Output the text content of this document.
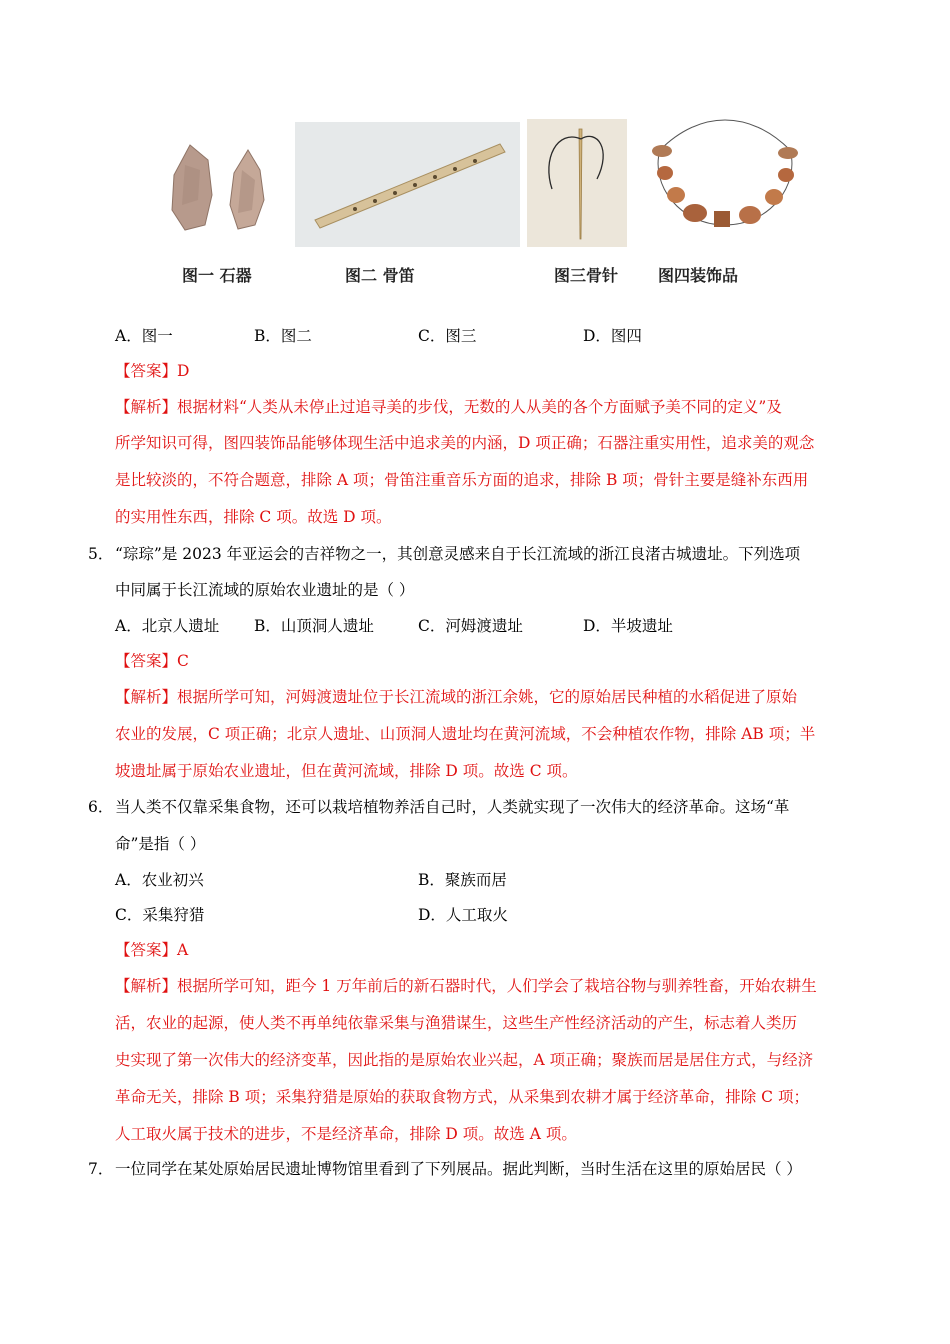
图一 石器	图二 骨笛	图三骨针 图四装饰品
A．图一	B．图二	C．图三	D．图四
【答案】D
【解析】根据材料“人类从未停止过追寻美的步伐，无数的人从美的各个方面赋予美不同的定义”及
所学知识可得，图四装饰品能够体现生活中追求美的内涵，D 项正确；石器注重实用性，追求美的观念
是比较淡的，不符合题意，排除 A 项；骨笛注重音乐方面的追求，排除 B 项；骨针主要是缝补东西用
的实用性东西，排除 C 项。故选 D 项。
5． “琮琮”是 2023 年亚运会的吉祥物之一，其创意灵感来自于长江流域的浙江良渚古城遗址。下列选项
中同属于长江流域的原始农业遗址的是（ ）
A．北京人遗址 B．山顶洞人遗址	C．河姆渡遗址	D．半坡遗址
【答案】C
【解析】根据所学可知，河姆渡遗址位于长江流域的浙江余姚，它的原始居民种植的水稻促进了原始
农业的发展，C 项正确；北京人遗址、山顶洞人遗址均在黄河流域，不会种植农作物，排除 AB 项；半
坡遗址属于原始农业遗址，但在黄河流域，排除 D 项。故选 C 项。
6． 当人类不仅靠采集食物，还可以栽培植物养活自己时，人类就实现了一次伟大的经济革命。这场“革
命”是指（ ）
A．农业初兴	B．聚族而居
C．采集狩猎	D．人工取火
【答案】A
【解析】根据所学可知，距今 1 万年前后的新石器时代，人们学会了栽培谷物与驯养牲畜，开始农耕生
活，农业的起源，使人类不再单纯依靠采集与渔猎谋生，这些生产性经济活动的产生，标志着人类历
史实现了第一次伟大的经济变革，因此指的是原始农业兴起，A 项正确；聚族而居是居住方式，与经济
革命无关，排除 B 项；采集狩猎是原始的获取食物方式，从采集到农耕才属于经济革命，排除 C 项；
人工取火属于技术的进步，不是经济革命，排除 D 项。故选 A 项。
7． 一位同学在某处原始居民遗址博物馆里看到了下列展品。据此判断，当时生活在这里的原始居民（ ）
